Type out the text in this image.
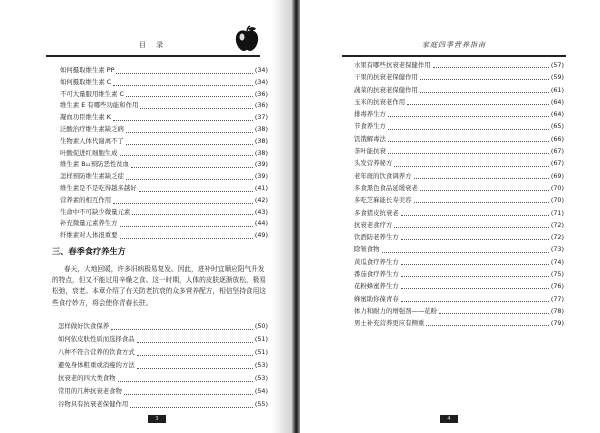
目 录
如何摄取维生素 PP	(34)
如何摄取维生素 C	(34)
不可大量服用维生素 C	(36)
维生素 E 有哪些功能和作用	(36)
凝血功臣维生素 K	(37)
泛酸治疗维生素缺乏病	(38)
生物素人体代谢离不了	(38)
叶酸促进红细胞生成	(38)
维生素 B₁₂预防恶性贫血	(39)
怎样预防维生素缺乏症	(39)
维生素是不是吃得越多越好	(41)
营养素的相互作用	(42)
生命中不可缺少微量元素	(43)
补充微量元素养生方	(44)
纤维素对人体很重要	(49)
三、春季食疗养生方
春天，大地回暖，许多旧病极易复发。因此，进补时宜顺应阳气升发的特点，但又不能过用辛燥之食。这一时期，人体的皮肤逐渐放松，极易松弛，衰老。本章介绍了有关防老抗衰的众多营养配方，相信坚持食用这些食疗妙方，将会使你青春长驻。
怎样做好饮食保养	(50)
如何依皮肤性质而选择食品	(51)
八种不符合营养的饮食方式	(51)
避免身体粗重或消瘦的方法	(53)
抗衰老的四大类食物	(53)
常用的几种抗衰老食物	(54)
谷物具有抗衰老保健作用	(55)
3
家庭四季营养指南
水果有哪些抗衰老保健作用	(57)
干果的抗衰老保健作用	(59)
蔬菜的抗衰老保健作用	(61)
玉米的抗衰老作用	(64)
排毒养生方	(64)
节食养生方	(65)
饥饿解毒法	(66)
茶叶能抗衰	(67)
头发营养秘方	(67)
老年斑的饮食调养方	(69)
多食黑色食品延缓衰老	(70)
多吃芝麻能长寿美容	(70)
多食猪皮抗衰老	(71)
抗衰老食疗方	(72)
饮酒防老养生方	(72)
除皱食物	(73)
黄瓜食疗养生方	(74)
番茄食疗养生方	(75)
花粉蜂蜜养生方	(76)
蜂蜜助你葆青春	(77)
体力和耐力的增强剂——花粉	(78)
男士补充营养更应有侧重	(79)
4
